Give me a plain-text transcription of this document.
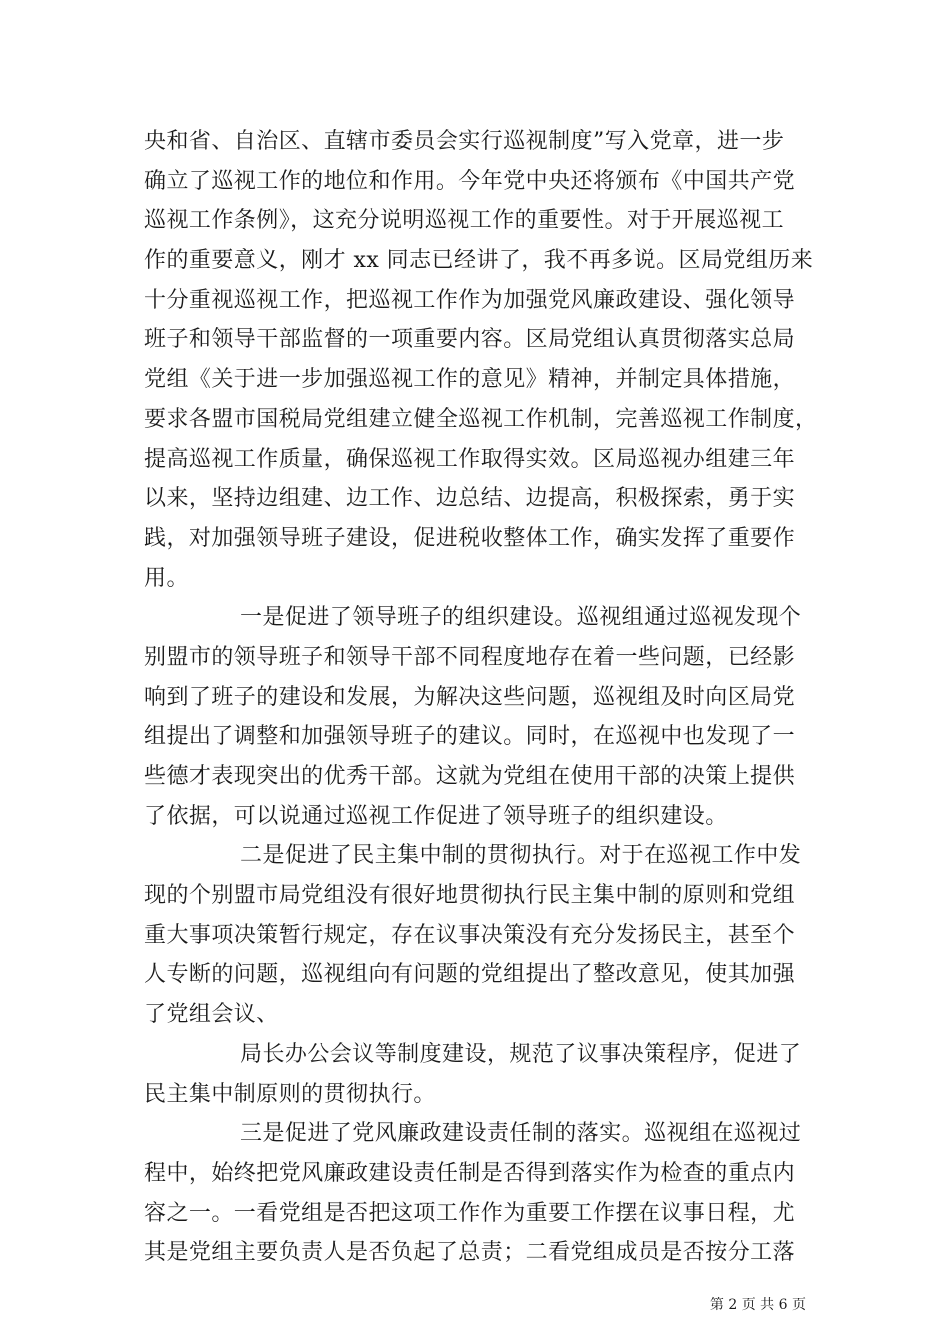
央和省、自治区、直辖市委员会实行巡视制度”写入党章，进一步
确立了巡视工作的地位和作用。今年党中央还将颁布《中国共产党
巡视工作条例》，这充分说明巡视工作的重要性。对于开展巡视工
作的重要意义，刚才 xx 同志已经讲了，我不再多说。区局党组历来
十分重视巡视工作，把巡视工作作为加强党风廉政建设、强化领导
班子和领导干部监督的一项重要内容。区局党组认真贯彻落实总局
党组《关于进一步加强巡视工作的意见》精神，并制定具体措施，
要求各盟市国税局党组建立健全巡视工作机制，完善巡视工作制度，
提高巡视工作质量，确保巡视工作取得实效。区局巡视办组建三年
以来，坚持边组建、边工作、边总结、边提高，积极探索，勇于实
践，对加强领导班子建设，促进税收整体工作，确实发挥了重要作
用。
一是促进了领导班子的组织建设。巡视组通过巡视发现个
别盟市的领导班子和领导干部不同程度地存在着一些问题，已经影
响到了班子的建设和发展，为解决这些问题，巡视组及时向区局党
组提出了调整和加强领导班子的建议。同时，在巡视中也发现了一
些德才表现突出的优秀干部。这就为党组在使用干部的决策上提供
了依据，可以说通过巡视工作促进了领导班子的组织建设。
二是促进了民主集中制的贯彻执行。对于在巡视工作中发
现的个别盟市局党组没有很好地贯彻执行民主集中制的原则和党组
重大事项决策暂行规定，存在议事决策没有充分发扬民主，甚至个
人专断的问题，巡视组向有问题的党组提出了整改意见，使其加强
了党组会议、
局长办公会议等制度建设，规范了议事决策程序，促进了
民主集中制原则的贯彻执行。
三是促进了党风廉政建设责任制的落实。巡视组在巡视过
程中，始终把党风廉政建设责任制是否得到落实作为检查的重点内
容之一。一看党组是否把这项工作作为重要工作摆在议事日程，尤
其是党组主要负责人是否负起了总责；二看党组成员是否按分工落
第 2 页 共 6 页
